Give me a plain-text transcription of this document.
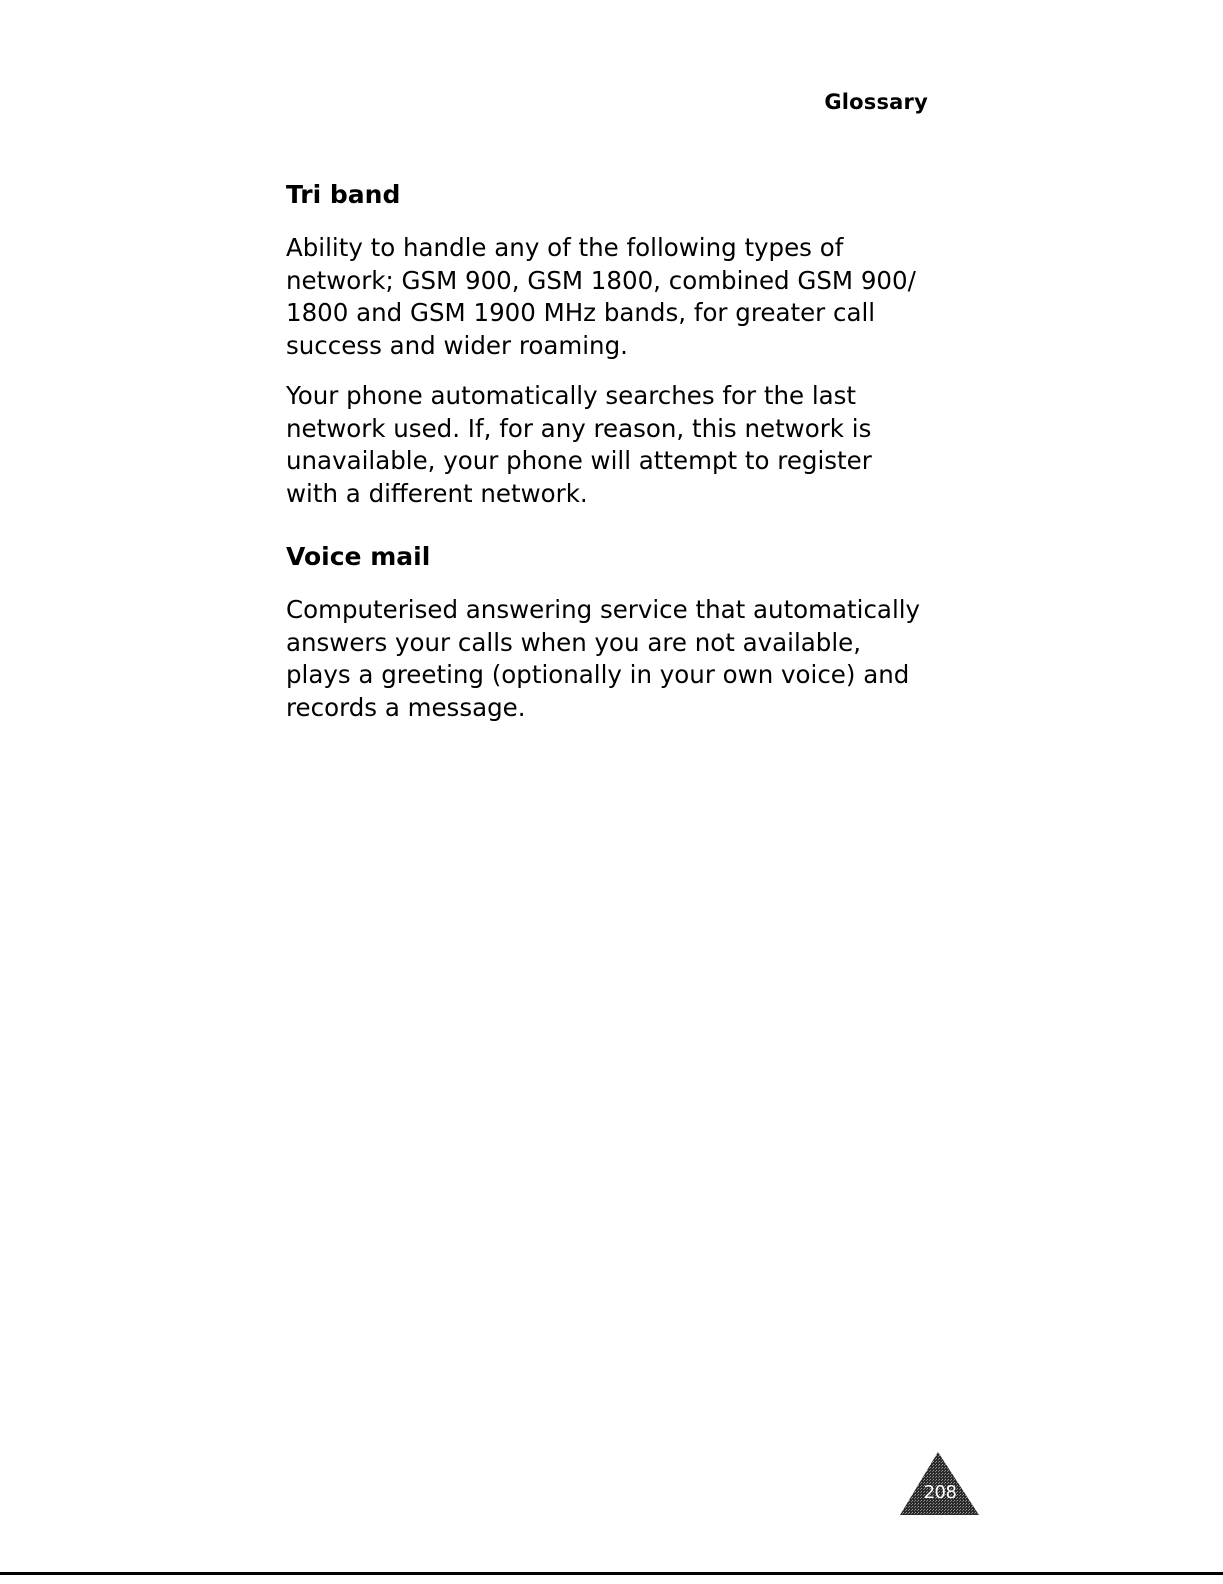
Glossary
Tri band
Ability to handle any of the following types of
network; GSM 900, GSM 1800, combined GSM 900/
1800 and GSM 1900 MHz bands, for greater call
success and wider roaming.
Your phone automatically searches for the last
network used. If, for any reason, this network is
unavailable, your phone will attempt to register
with a different network.
Voice mail
Computerised answering service that automatically
answers your calls when you are not available,
plays a greeting (optionally in your own voice) and
records a message.
208
